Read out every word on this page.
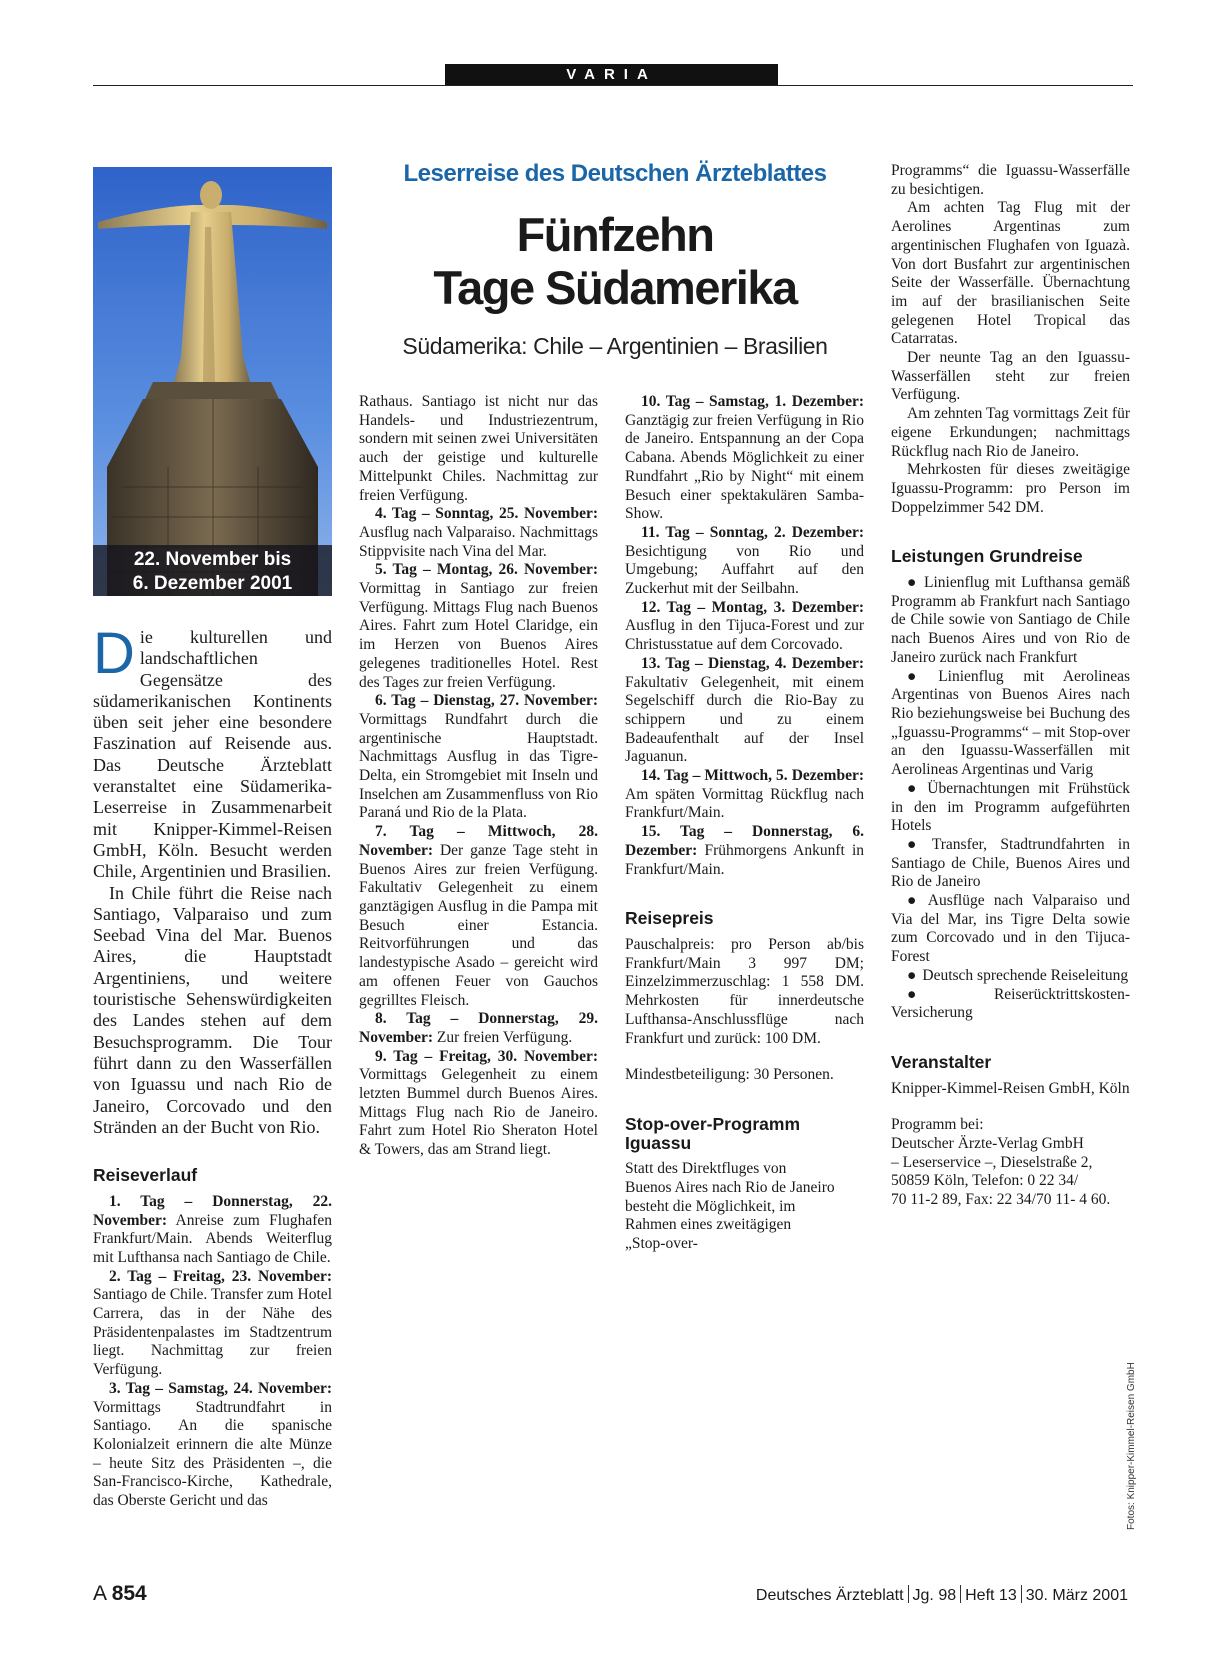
VARIA
22. November bis
6. Dezember 2001
Leserreise des Deutschen Ärzteblattes
Fünfzehn
Tage Südamerika
Südamerika: Chile – Argentinien – Brasilien

Die kulturellen und landschaftlichen Gegensätze des südamerikanischen Kontinents üben seit jeher eine besondere Faszination auf Reisende aus. Das Deutsche Ärzteblatt veranstaltet eine Südamerika-Leserreise in Zusammenarbeit mit Knipper-Kimmel-Reisen GmbH, Köln. Besucht werden Chile, Argentinien und Brasilien.

In Chile führt die Reise nach Santiago, Valparaiso und zum Seebad Vina del Mar. Buenos Aires, die Hauptstadt Argentiniens, und weitere touristische Sehenswürdigkeiten des Landes stehen auf dem Besuchsprogramm. Die Tour führt dann zu den Wasserfällen von Iguassu und nach Rio de Janeiro, Corcovado und den Stränden an der Bucht von Rio.

Reiseverlauf

1. Tag – Donnerstag, 22. November: Anreise zum Flughafen Frankfurt/Main. Abends Weiterflug mit Lufthansa nach Santiago de Chile.

2. Tag – Freitag, 23. November: Santiago de Chile. Transfer zum Hotel Carrera, das in der Nähe des Präsidentenpalastes im Stadtzentrum liegt. Nachmittag zur freien Verfügung.

3. Tag – Samstag, 24. November: Vormittags Stadtrundfahrt in Santiago. An die spanische Kolonialzeit erinnern die alte Münze – heute Sitz des Präsidenten –, die San-Francisco-Kirche, Kathedrale, das Oberste Gericht und das

Rathaus. Santiago ist nicht nur das Handels- und Industriezentrum, sondern mit seinen zwei Universitäten auch der geistige und kulturelle Mittelpunkt Chiles. Nachmittag zur freien Verfügung.

4. Tag – Sonntag, 25. November: Ausflug nach Valparaiso. Nachmittags Stippvisite nach Vina del Mar.

5. Tag – Montag, 26. November: Vormittag in Santiago zur freien Verfügung. Mittags Flug nach Buenos Aires. Fahrt zum Hotel Claridge, ein im Herzen von Buenos Aires gelegenes traditionelles Hotel. Rest des Tages zur freien Verfügung.

6. Tag – Dienstag, 27. November: Vormittags Rundfahrt durch die argentinische Hauptstadt. Nachmittags Ausflug in das Tigre-Delta, ein Stromgebiet mit Inseln und Inselchen am Zusammenfluss von Rio Paraná und Rio de la Plata.

7. Tag – Mittwoch, 28. November: Der ganze Tage steht in Buenos Aires zur freien Verfügung. Fakultativ Gelegenheit zu einem ganztägigen Ausflug in die Pampa mit Besuch einer Estancia. Reitvorführungen und das landestypische Asado – gereicht wird am offenen Feuer von Gauchos gegrilltes Fleisch.

8. Tag – Donnerstag, 29. November: Zur freien Verfügung.

9. Tag – Freitag, 30. November: Vormittags Gelegenheit zu einem letzten Bummel durch Buenos Aires. Mittags Flug nach Rio de Janeiro. Fahrt zum Hotel Rio Sheraton Hotel & Towers, das am Strand liegt.

10. Tag – Samstag, 1. Dezember: Ganztägig zur freien Verfügung in Rio de Janeiro. Entspannung an der Copa Cabana. Abends Möglichkeit zu einer Rundfahrt „Rio by Night“ mit einem Besuch einer spektakulären Samba-Show.

11. Tag – Sonntag, 2. Dezember: Besichtigung von Rio und Umgebung; Auffahrt auf den Zuckerhut mit der Seilbahn.

12. Tag – Montag, 3. Dezember: Ausflug in den Tijuca-Forest und zur Christusstatue auf dem Corcovado.

13. Tag – Dienstag, 4. Dezember: Fakultativ Gelegenheit, mit einem Segelschiff durch die Rio-Bay zu schippern und zu einem Badeaufenthalt auf der Insel Jaguanun.

14. Tag – Mittwoch, 5. Dezember: Am späten Vormittag Rückflug nach Frankfurt/Main.

15. Tag – Donnerstag, 6. Dezember: Frühmorgens Ankunft in Frankfurt/Main.

Reisepreis

Pauschalpreis: pro Person ab/bis Frankfurt/Main 3 997 DM; Einzelzimmerzuschlag: 1 558 DM. Mehrkosten für innerdeutsche Lufthansa-Anschlussflüge nach Frankfurt und zurück: 100 DM.

Mindestbeteiligung: 30 Personen.

Stop-over-Programm Iguassu

Statt des Direktfluges von Buenos Aires nach Rio de Janeiro besteht die Möglichkeit, im Rahmen eines zweitägigen „Stop-over-

Programms“ die Iguassu-Wasserfälle zu besichtigen.

Am achten Tag Flug mit der Aerolines Argentinas zum argentinischen Flughafen von Iguazà. Von dort Busfahrt zur argentinischen Seite der Wasserfälle. Übernachtung im auf der brasilianischen Seite gelegenen Hotel Tropical das Catarratas.

Der neunte Tag an den Iguassu-Wasserfällen steht zur freien Verfügung.

Am zehnten Tag vormittags Zeit für eigene Erkundungen; nachmittags Rückflug nach Rio de Janeiro.

Mehrkosten für dieses zweitägige Iguassu-Programm: pro Person im Doppelzimmer 542 DM.

Leistungen Grundreise

● Linienflug mit Lufthansa gemäß Programm ab Frankfurt nach Santiago de Chile sowie von Santiago de Chile nach Buenos Aires und von Rio de Janeiro zurück nach Frankfurt

● Linienflug mit Aerolineas Argentinas von Buenos Aires nach Rio beziehungsweise bei Buchung des „Iguassu-Programms“ – mit Stop-over an den Iguassu-Wasserfällen mit Aerolineas Argentinas und Varig

● Übernachtungen mit Frühstück in den im Programm aufgeführten Hotels

● Transfer, Stadtrundfahrten in Santiago de Chile, Buenos Aires und Rio de Janeiro

● Ausflüge nach Valparaiso und Via del Mar, ins Tigre Delta sowie zum Corcovado und in den Tijuca-Forest

● Deutsch sprechende Reiseleitung

● Reiserücktrittskosten-Versicherung

Veranstalter

Knipper-Kimmel-Reisen GmbH, Köln

Programm bei:

Deutscher Ärzte-Verlag GmbH
– Leserservice –, Dieselstraße 2,
50859 Köln, Telefon: 0 22 34/
70 11-2 89, Fax: 22 34/70 11- 4 60.

Fotos: Knipper-Kimmel-Reisen GmbH
A 854	Deutsches Ärzteblatt Jg. 98 Heft 13 30. März 2001
